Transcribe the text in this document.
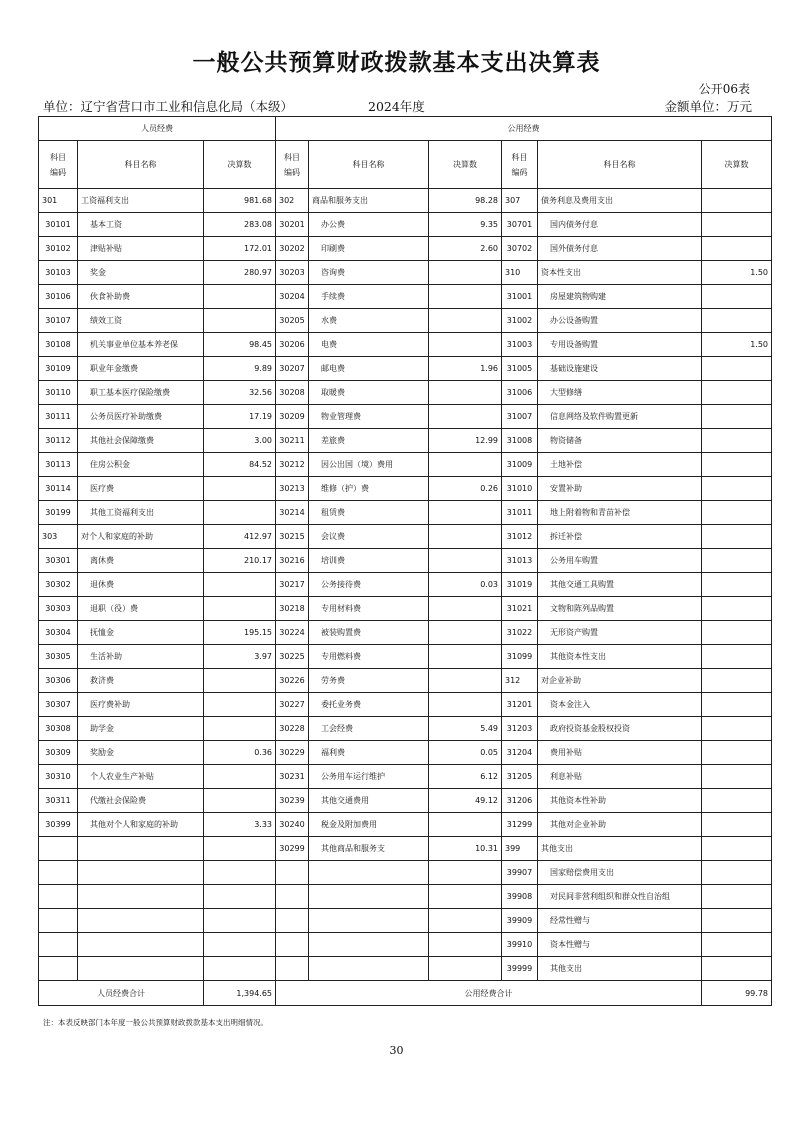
一般公共预算财政拨款基本支出决算表
公开06表
单位：辽宁省营口市工业和信息化局（本级）	2024年度	金额单位：万元
人员经费			公用经费					
科目
编码	科目名称	决算数	科目
编码	科目名称	决算数	科目
编码	科目名称	决算数
301	工资福利支出	981.68	302	商品和服务支出	98.28	307	债务利息及费用支出	
30101	基本工资	283.08	30201	办公费	9.35	30701	国内债务付息	
30102	津贴补贴	172.01	30202	印刷费	2.60	30702	国外债务付息	
30103	奖金	280.97	30203	咨询费		310	资本性支出	1.50
30106	伙食补助费		30204	手续费		31001	房屋建筑物购建	
30107	绩效工资		30205	水费		31002	办公设备购置	
30108	机关事业单位基本养老保	98.45	30206	电费		31003	专用设备购置	1.50
30109	职业年金缴费	9.89	30207	邮电费	1.96	31005	基础设施建设	
30110	职工基本医疗保险缴费	32.56	30208	取暖费		31006	大型修缮	
30111	公务员医疗补助缴费	17.19	30209	物业管理费		31007	信息网络及软件购置更新	
30112	其他社会保障缴费	3.00	30211	差旅费	12.99	31008	物资储备	
30113	住房公积金	84.52	30212	因公出国（境）费用		31009	土地补偿	
30114	医疗费		30213	维修（护）费	0.26	31010	安置补助	
30199	其他工资福利支出		30214	租赁费		31011	地上附着物和青苗补偿	
303	对个人和家庭的补助	412.97	30215	会议费		31012	拆迁补偿	
30301	离休费	210.17	30216	培训费		31013	公务用车购置	
30302	退休费		30217	公务接待费	0.03	31019	其他交通工具购置	
30303	退职（役）费		30218	专用材料费		31021	文物和陈列品购置	
30304	抚恤金	195.15	30224	被装购置费		31022	无形资产购置	
30305	生活补助	3.97	30225	专用燃料费		31099	其他资本性支出	
30306	救济费		30226	劳务费		312	对企业补助	
30307	医疗费补助		30227	委托业务费		31201	资本金注入	
30308	助学金		30228	工会经费	5.49	31203	政府投资基金股权投资	
30309	奖励金	0.36	30229	福利费	0.05	31204	费用补贴	
30310	个人农业生产补贴		30231	公务用车运行维护	6.12	31205	利息补贴	
30311	代缴社会保险费		30239	其他交通费用	49.12	31206	其他资本性补助	
30399	其他对个人和家庭的补助	3.33	30240	税金及附加费用		31299	其他对企业补助	
			30299	其他商品和服务支	10.31	399	其他支出	
						39907	国家赔偿费用支出	
						39908	对民间非营利组织和群众性自治组	
						39909	经常性赠与	
						39910	资本性赠与	
						39999	其他支出	
人员经费合计		1,394.65	公用经费合计					99.78
注：本表反映部门本年度一般公共预算财政拨款基本支出明细情况。
30
